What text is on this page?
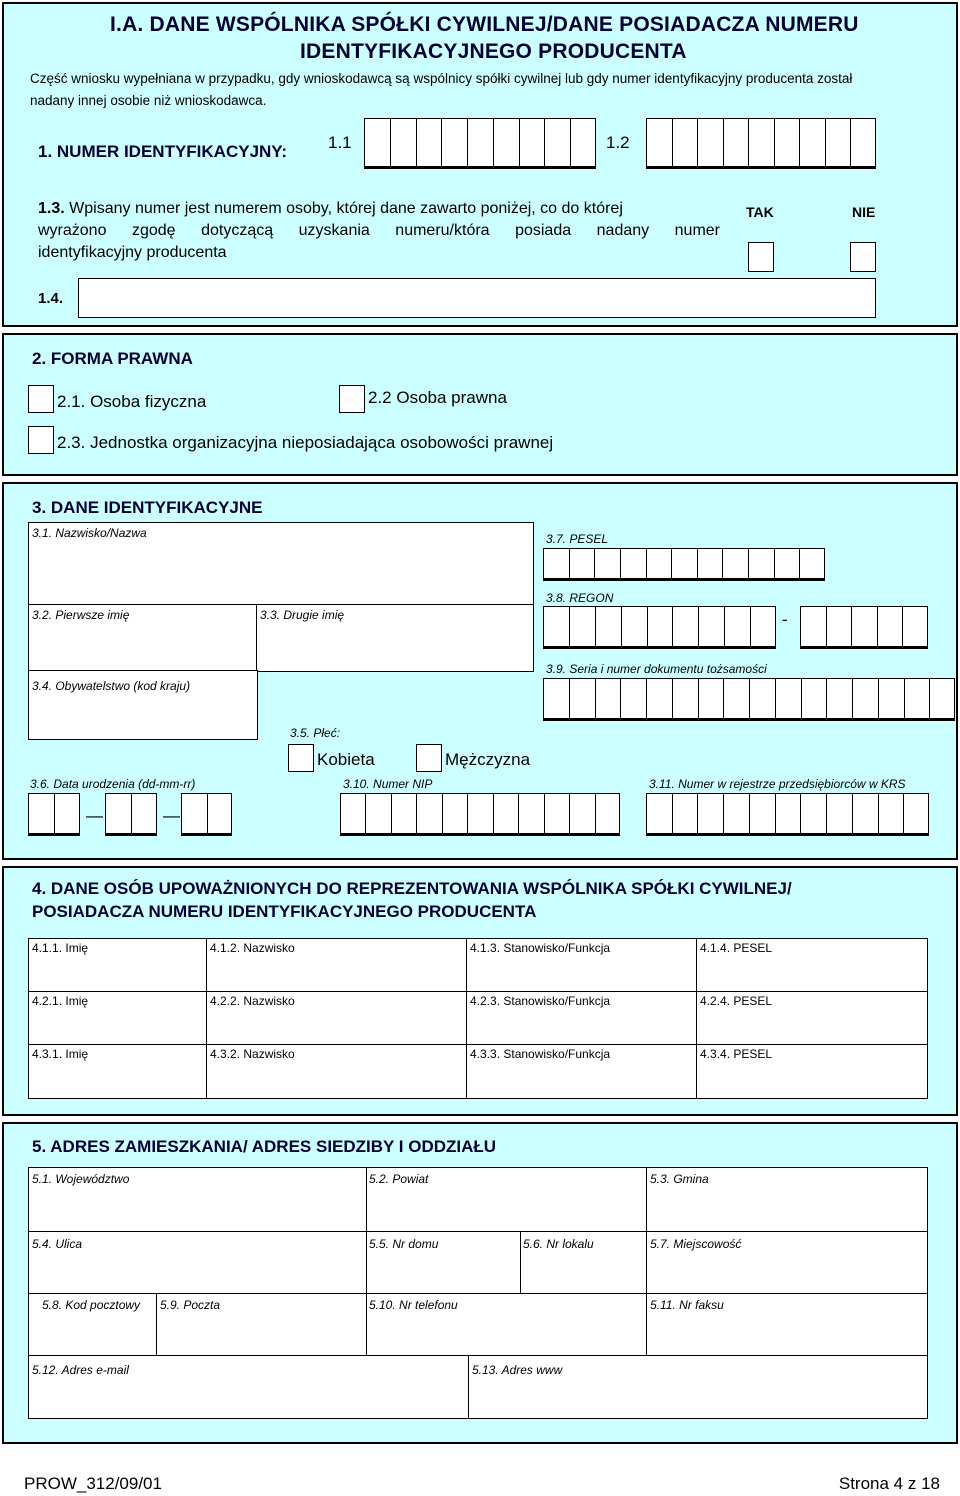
I.A. DANE WSPÓLNIKA SPÓŁKI CYWILNEJ/DANE POSIADACZA NUMERU
IDENTYFIKACYJNEGO PRODUCENTA
Część wniosku wypełniana w przypadku, gdy wnioskodawcą są wspólnicy spółki cywilnej lub gdy numer identyfikacyjny producenta został
nadany innej osobie niż wnioskodawca.
1. NUMER IDENTYFIKACYJNY: 1.1	1.2
1.3. Wpisany numer jest numerem osoby, której dane zawarto poniżej, co do której
wyrażono zgodę dotyczącą uzyskania numeru/która posiada nadany numer
identyfikacyjny producenta
TAK	NIE
1.4.
2. FORMA PRAWNA
2.1. Osoba fizyczna	2.2 Osoba prawna
2.3. Jednostka organizacyjna nieposiadająca osobowości prawnej
3. DANE IDENTYFIKACYJNE
3.1. Nazwisko/Nazwa
3.2. Pierwsze imię	3.3. Drugie imię
3.4. Obywatelstwo (kod kraju)
3.5. Płeć:
Kobieta	Mężczyzna
3.6. Data urodzenia (dd-mm-rr)
—	—
3.7. PESEL
3.8. REGON
-
3.9. Seria i numer dokumentu tożsamości
3.10. Numer NIP	3.11. Numer w rejestrze przedsiębiorców w KRS
4. DANE OSÓB UPOWAŻNIONYCH DO REPREZENTOWANIA WSPÓLNIKA SPÓŁKI CYWILNEJ/
POSIADACZA NUMERU IDENTYFIKACYJNEGO PRODUCENTA
4.1.1. Imię	4.1.2. Nazwisko	4.1.3. Stanowisko/Funkcja	4.1.4. PESEL
4.2.1. Imię	4.2.2. Nazwisko	4.2.3. Stanowisko/Funkcja	4.2.4. PESEL
4.3.1. Imię	4.3.2. Nazwisko	4.3.3. Stanowisko/Funkcja	4.3.4. PESEL
5. ADRES ZAMIESZKANIA/ ADRES SIEDZIBY I ODDZIAŁU
5.1. Województwo	5.2. Powiat	5.3. Gmina
5.4. Ulica	5.5. Nr domu	5.6. Nr lokalu	5.7. Miejscowość
5.8. Kod pocztowy 5.9. Poczta	5.10. Nr telefonu	5.11. Nr faksu
5.12. Adres e-mail	5.13. Adres www
PROW_312/09/01	Strona 4 z 18
